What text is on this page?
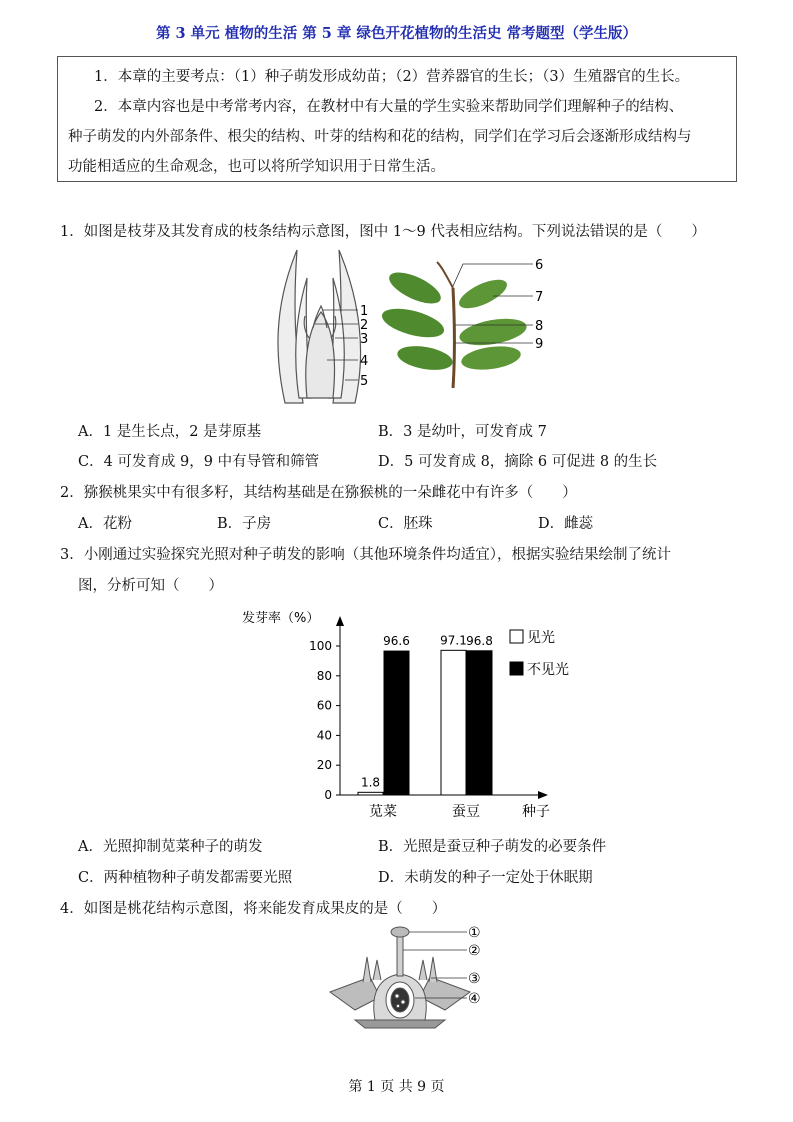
第 3 单元 植物的生活 第 5 章 绿色开花植物的生活史 常考题型（学生版）

1．本章的主要考点：（1）种子萌发形成幼苗；（2）营养器官的生长；（3）生殖器官的生长。

2．本章内容也是中考常考内容，在教材中有大量的学生实验来帮助同学们理解种子的结构、

种子萌发的内外部条件、根尖的结构、叶芽的结构和花的结构，同学们在学习后会逐渐形成结构与

功能相适应的生命观念，也可以将所学知识用于日常生活。

1．如图是枝芽及其发育成的枝条结构示意图，图中 1～9 代表相应结构。下列说法错误的是（　　）
1
2
3
4
5
6
7
8
9
A．1 是生长点，2 是芽原基	B．3 是幼叶，可发育成 7
C．4 可发育成 9，9 中有导管和筛管	D．5 可发育成 8，摘除 6 可促进 8 的生长
2．猕猴桃果实中有很多籽，其结构基础是在猕猴桃的一朵雌花中有许多（　　）
A．花粉	B．子房	C．胚珠	D．雌蕊
3．小刚通过实验探究光照对种子萌发的影响（其他环境条件均适宜），根据实验结果绘制了统计
图，分析可知（　　）
发芽率（%）
种子
0
20
40
60
80
100
1.8
96.6
苋菜
97.1 96.8
蚕豆
见光
不见光
A．光照抑制苋菜种子的萌发	B．光照是蚕豆种子萌发的必要条件
C．两种植物种子萌发都需要光照	D．未萌发的种子一定处于休眠期
4．如图是桃花结构示意图，将来能发育成果皮的是（　　）
①
②
③
④
第 1 页 共 9 页
